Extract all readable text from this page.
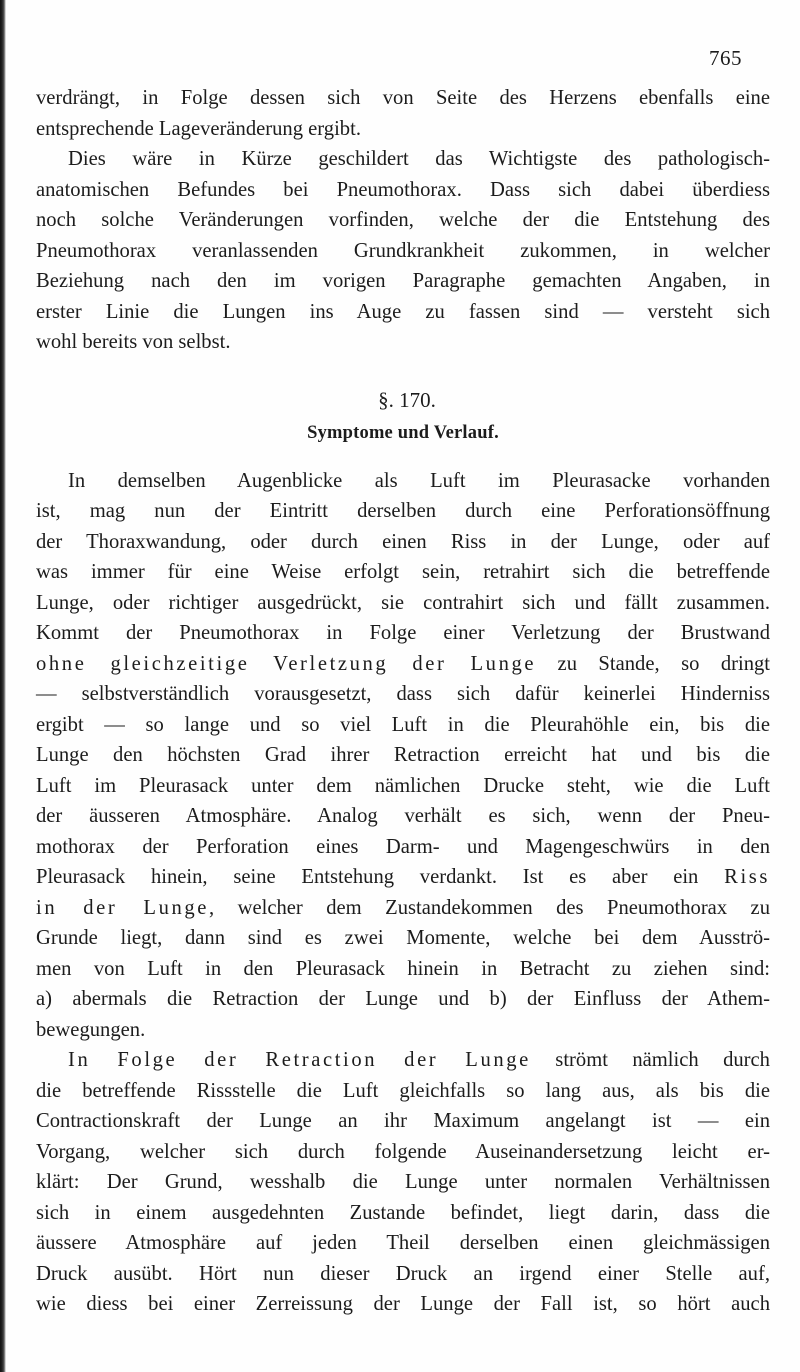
765

verdrängt, in Folge dessen sich von Seite des Herzens ebenfalls eine
entsprechende Lageveränderung ergibt.

Dies wäre in Kürze geschildert das Wichtigste des pathologisch-
anatomischen Befundes bei Pneumothorax. Dass sich dabei überdiess
noch solche Veränderungen vorfinden, welche der die Entstehung des
Pneumothorax veranlassenden Grundkrankheit zukommen, in welcher
Beziehung nach den im vorigen Paragraphe gemachten Angaben, in
erster Linie die Lungen ins Auge zu fassen sind — versteht sich
wohl bereits von selbst.

§. 170.
Symptome und Verlauf.

In demselben Augenblicke als Luft im Pleurasacke vorhanden
ist, mag nun der Eintritt derselben durch eine Perforationsöffnung
der Thoraxwandung, oder durch einen Riss in der Lunge, oder auf
was immer für eine Weise erfolgt sein, retrahirt sich die betreffende
Lunge, oder richtiger ausgedrückt, sie contrahirt sich und fällt zusammen.
Kommt der Pneumothorax in Folge einer Verletzung der Brustwand
ohne gleichzeitige Verletzung der Lunge zu Stande, so dringt
— selbstverständlich vorausgesetzt, dass sich dafür keinerlei Hinderniss
ergibt — so lange und so viel Luft in die Pleurahöhle ein, bis die
Lunge den höchsten Grad ihrer Retraction erreicht hat und bis die
Luft im Pleurasack unter dem nämlichen Drucke steht, wie die Luft
der äusseren Atmosphäre. Analog verhält es sich, wenn der Pneu-
mothorax der Perforation eines Darm- und Magengeschwürs in den
Pleurasack hinein, seine Entstehung verdankt. Ist es aber ein Riss
in der Lunge, welcher dem Zustandekommen des Pneumothorax zu
Grunde liegt, dann sind es zwei Momente, welche bei dem Ausströ-
men von Luft in den Pleurasack hinein in Betracht zu ziehen sind:
a) abermals die Retraction der Lunge und b) der Einfluss der Athem-
bewegungen.

In Folge der Retraction der Lunge strömt nämlich durch
die betreffende Rissstelle die Luft gleichfalls so lang aus, als bis die
Contractionskraft der Lunge an ihr Maximum angelangt ist — ein
Vorgang, welcher sich durch folgende Auseinandersetzung leicht er-
klärt: Der Grund, wesshalb die Lunge unter normalen Verhältnissen
sich in einem ausgedehnten Zustande befindet, liegt darin, dass die
äussere Atmosphäre auf jeden Theil derselben einen gleichmässigen
Druck ausübt. Hört nun dieser Druck an irgend einer Stelle auf,
wie diess bei einer Zerreissung der Lunge der Fall ist, so hört auch
